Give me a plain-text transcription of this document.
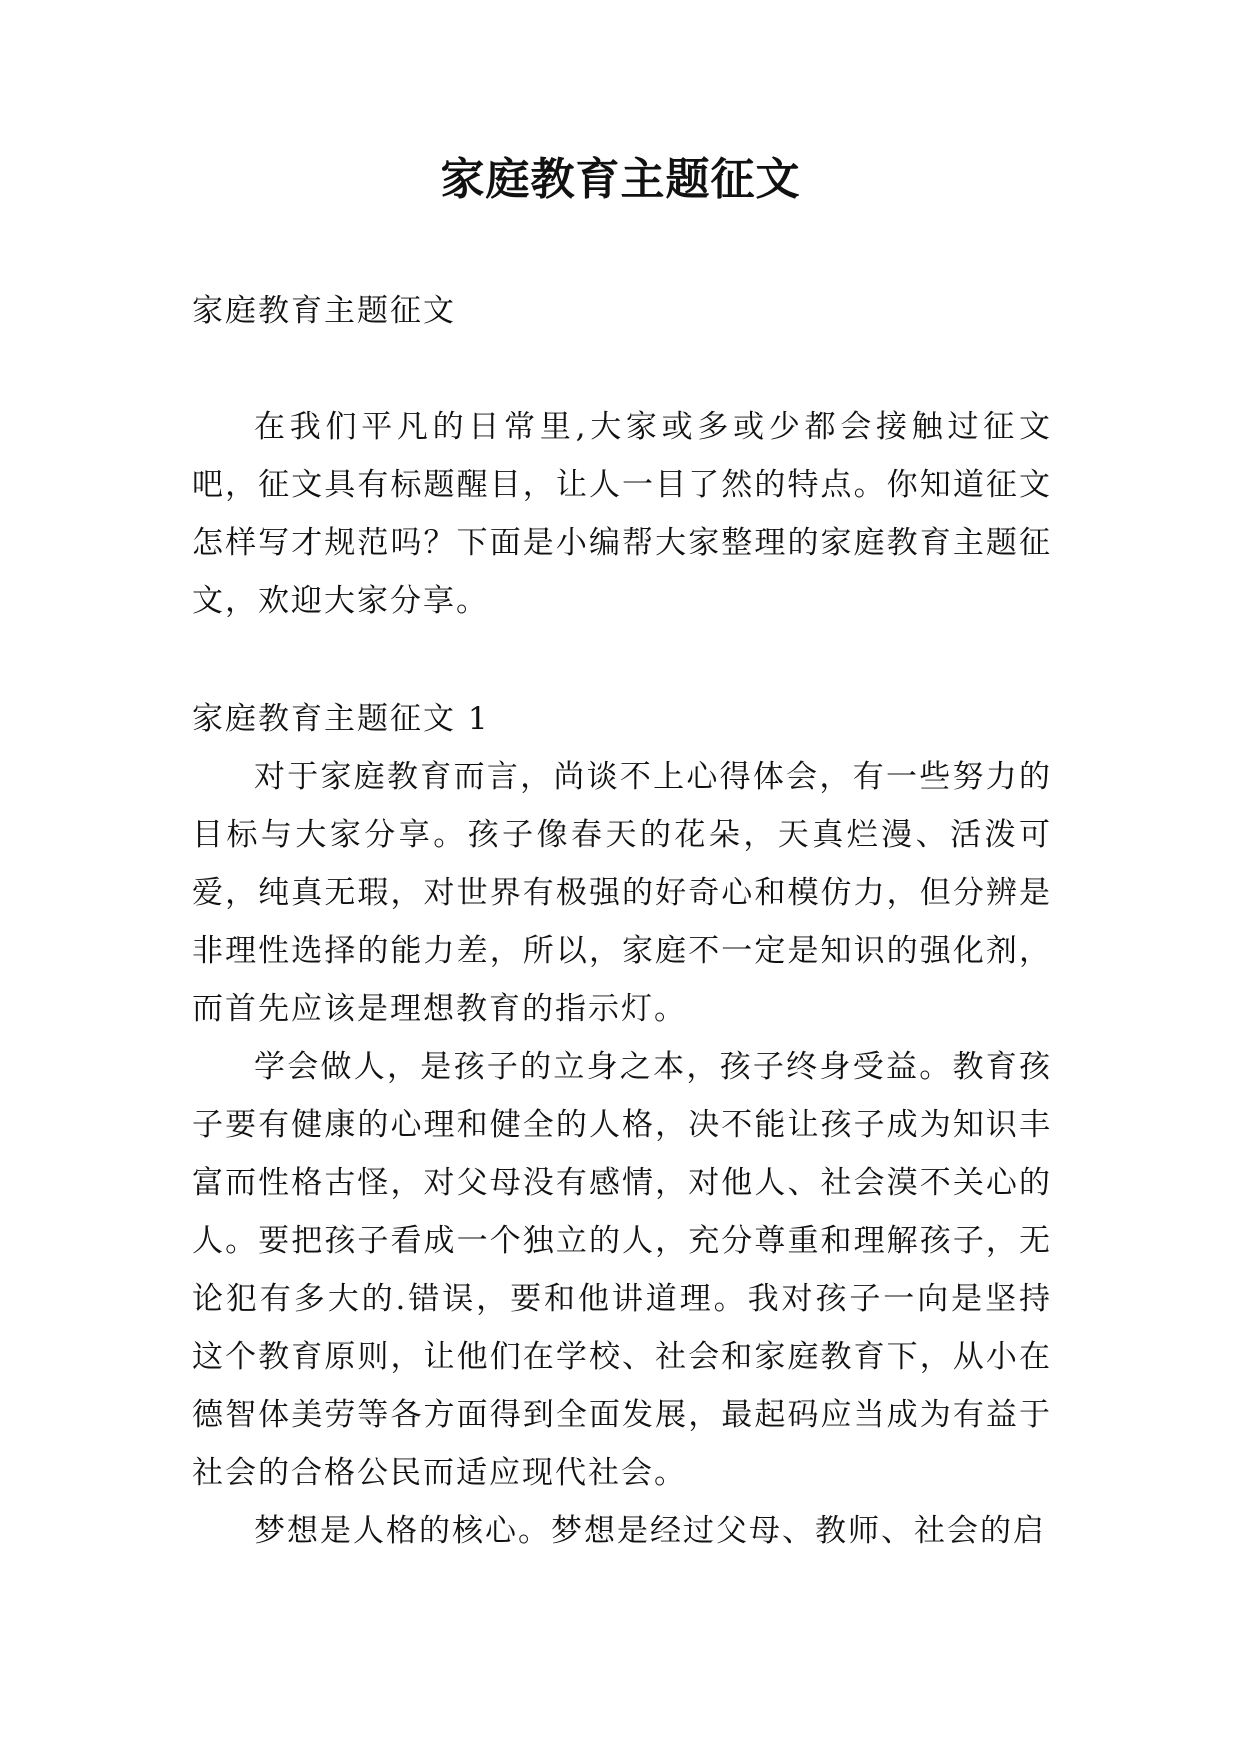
家庭教育主题征文

家庭教育主题征文

在我们平凡的日常里,大家或多或少都会接触过征文吧，征文具有标题醒目，让人一目了然的特点。你知道征文怎样写才规范吗？下面是小编帮大家整理的家庭教育主题征文，欢迎大家分享。

家庭教育主题征文 1

对于家庭教育而言，尚谈不上心得体会，有一些努力的目标与大家分享。孩子像春天的花朵，天真烂漫、活泼可爱，纯真无瑕，对世界有极强的好奇心和模仿力，但分辨是非理性选择的能力差，所以，家庭不一定是知识的强化剂，而首先应该是理想教育的指示灯。

学会做人，是孩子的立身之本，孩子终身受益。教育孩子要有健康的心理和健全的人格，决不能让孩子成为知识丰富而性格古怪，对父母没有感情，对他人、社会漠不关心的人。要把孩子看成一个独立的人，充分尊重和理解孩子，无论犯有多大的.错误，要和他讲道理。我对孩子一向是坚持这个教育原则，让他们在学校、社会和家庭教育下，从小在德智体美劳等各方面得到全面发展，最起码应当成为有益于社会的合格公民而适应现代社会。

梦想是人格的核心。梦想是经过父母、教师、社会的启
